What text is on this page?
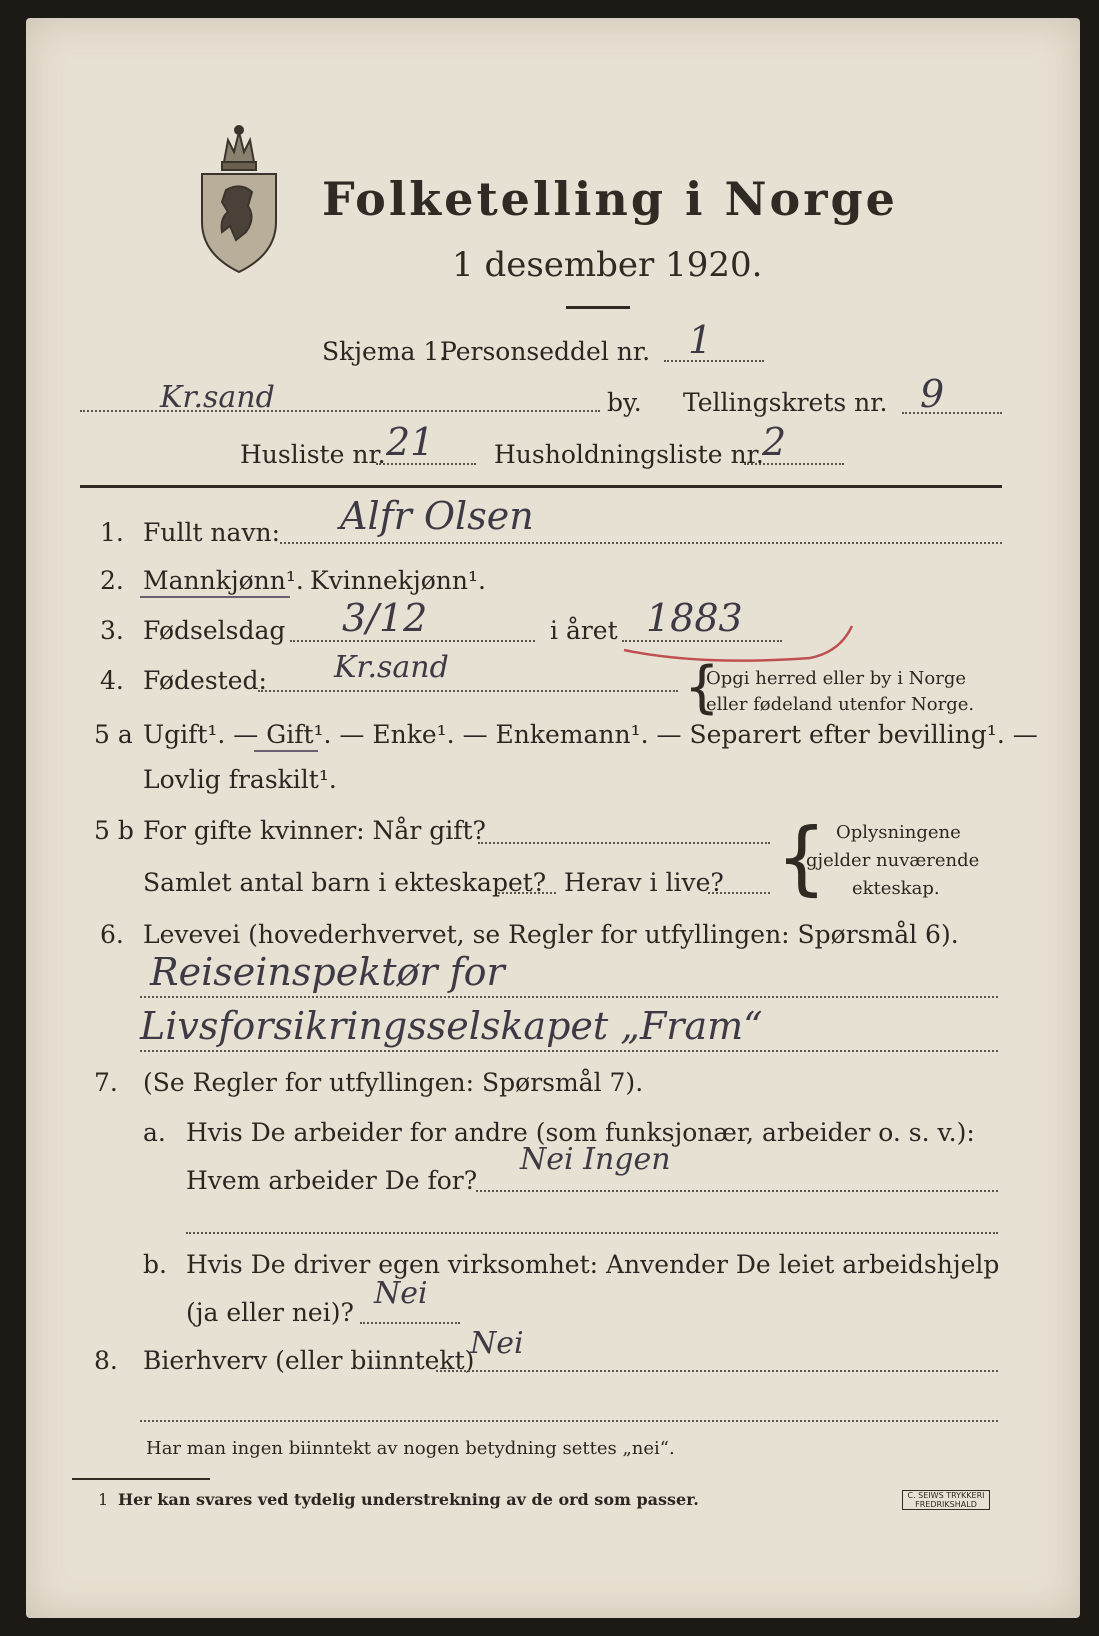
Folketelling i Norge
1 desember 1920.
Skjema 1.
Personseddel nr. 1
Kr.sand	by. Tellingskrets nr. 9
Husliste nr. 21 Husholdningsliste nr.
2
1. Fullt navn: Alfr Olsen
2. Mannkjønn¹. Kvinnekjønn¹.
3. Fødselsdag 3/12	i året 1883
4. Fødested: Kr.sand	{
Opgi herred eller by i Norge
eller fødeland utenfor Norge.
5 a Ugift¹. — Gift¹. — Enke¹. — Enkemann¹. — Separert efter bevilling¹. —
Lovlig fraskilt¹.
5 b For gifte kvinner: Når gift?
Samlet antal barn i ekteskapet? Herav i live? { Oplysningene
gjelder nuværende
ekteskap.
6. Levevei (hovederhvervet, se Regler for utfyllingen: Spørsmål 6).
Reiseinspektør for
Livsforsikringsselskapet „Fram“
7. (Se Regler for utfyllingen: Spørsmål 7).
a. Hvis De arbeider for andre (som funksjonær, arbeider o. s. v.):
Hvem arbeider De for?
Nei Ingen
b. Hvis De driver egen virksomhet: Anvender De leiet arbeidshjelp
(ja eller nei)?
Nei
8. Bierhverv (eller biinntekt)
Nei
Har man ingen biinntekt av nogen betydning settes „nei“.
1 Her kan svares ved tydelig understrekning av de ord som passer.	C. SEIWS TRYKKERI
FREDRIKSHALD
